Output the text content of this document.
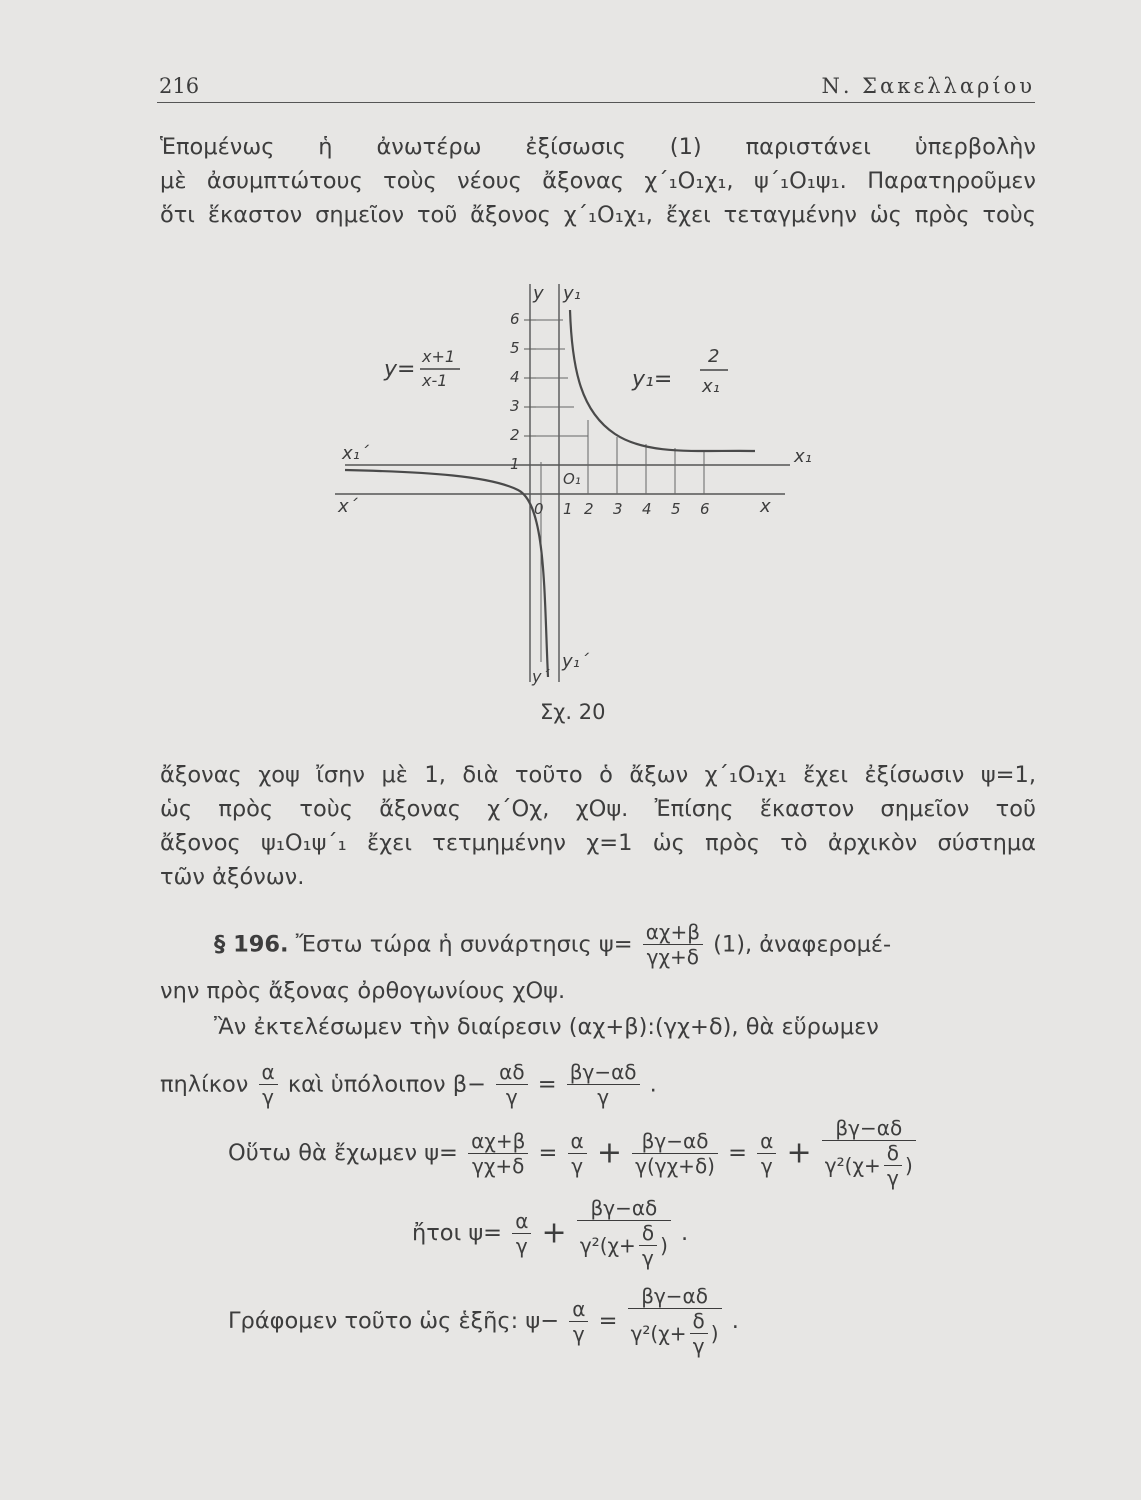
216	Ν. Σακελλαρίου
Ἑπομένως ἡ ἀνωτέρω ἐξίσωσις (1) παριστάνει ὑπερβολὴν
μὲ ἀσυμπτώτους τοὺς νέους ἄξονας χ΄₁Ο₁χ₁, ψ΄₁Ο₁ψ₁. Παρατηροῦμεν
ὅτι ἕκαστον σημεῖον τοῦ ἄξονος χ΄₁Ο₁χ₁, ἔχει τεταγμένην ὡς πρὸς τοὺς
1
2
3
4
5
6
0 1 2 3 4 5 6
y y₁
x₁
x₁΄
x΄	x
O₁
y΄
y₁΄
y=
x+1
x-1	y₁=
2
x₁
Σχ. 20
ἄξονας χοψ ἴσην μὲ 1, διὰ τοῦτο ὁ ἄξων χ΄₁Ο₁χ₁ ἔχει ἐξίσωσιν ψ=1,
ὡς πρὸς τοὺς ἄξονας χ΄Οχ, χΟψ. Ἐπίσης ἕκαστον σημεῖον τοῦ
ἄξονος ψ₁Ο₁ψ΄₁ ἔχει τετμημένην χ=1 ὡς πρὸς τὸ ἀρχικὸν σύστημα
τῶν ἀξόνων.
§ 196. Ἔστω τώρα ἡ συνάρτησις $\psi= \frac{\alpha\chi+\beta}{\gamma\chi+\delta} (1)$, ἀναφερομέ-
νην πρὸς ἄξονας ὀρθογωνίους χΟψ.
Ἂν ἐκτελέσωμεν τὴν διαίρεσιν (αχ+β):(γχ+δ), θὰ εὕρωμεν
πηλίκον $\frac{\alpha}{\gamma}$ καὶ ὑπόλοιπον $\beta- \frac{\alpha\delta}{\gamma} = \frac{\beta\gamma-\alpha\delta}{\gamma}$ .
Οὕτω θὰ ἔχωμεν $\psi= \frac{\alpha\chi+\beta}{\gamma\chi+\delta} = \frac{\alpha}{\gamma} + \frac{\beta\gamma-\alpha\delta}{\gamma(\gamma\chi+\delta)} = \frac{\alpha}{\gamma} + \frac{\beta\gamma-\alpha\delta}{\gamma^2(\chi+ \frac{\delta}{\gamma} )}$
ἤτοι $\psi= \frac{\alpha}{\gamma} + \frac{\beta\gamma-\alpha\delta}{\gamma^2(\chi+ \frac{\delta}{\gamma} )}$ .
Γράφομεν τοῦτο ὡς ἑξῆς: $\psi- \frac{\alpha}{\gamma} = \frac{\beta\gamma-\alpha\delta}{\gamma^2(\chi+ \frac{\delta}{\gamma} )}$ .
